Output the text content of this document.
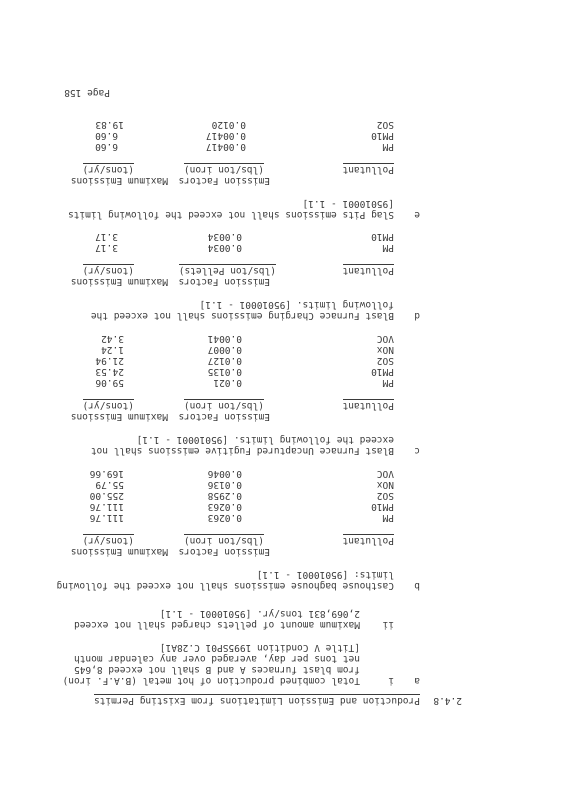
2.4.8
Production and Emission Limitations from Existing Permits
a
i
Total combined production of hot metal (B.A.F. iron)
from blast furnaces A and B shall not exceed 8,645
net tons per day, averaged over any calendar month
[Title V Condition 1995SP01 C.28A1]
ii
Maximum amount of pellets charged shall not exceed
2,069,831 tons/yr. [95010001 - 1.1]
b
Casthouse baghouse emissions shall not exceed the following
limits: [95010001 - 1.1]
Emission Factors
Maximum Emissions
Pollutant
(lbs/ton iron)
(tons/yr)
PM
0.0263
111.76
PM10
0.0263
111.76
SO2
0.2958
255.00
NOx
0.0136
55.79
VOC
0.0046
169.66
c
Blast Furnace Uncaptured Fugitive emissions shall not
exceed the following limits. [95010001 - 1.1]
Emission Factors
Maximum Emissions
Pollutant
(lbs/ton iron)
(tons/yr)
PM
0.021
59.06
PM10
0.0135
24.53
SO2
0.0127
21.94
NOx
0.0007
1.24
VOC
0.0041
3.42
d
Blast Furnace Charging emissions shall not exceed the
following limits. [95010001 - 1.1]
Emission Factors
Maximum Emissions
Pollutant
(lbs/ton Pellets)
(tons/yr)
PM
0.0034
3.17
PM10
0.0034
3.17
e
Slag Pits emissions shall not exceed the following limits
[95010001 - 1.1]
Emission Factors
Maximum Emissions
Pollutant
(lbs/ton iron)
(tons/yr)
PM
0.00417
6.60
PM10
0.00417
6.60
SO2
0.0120
19.83
Page 158
